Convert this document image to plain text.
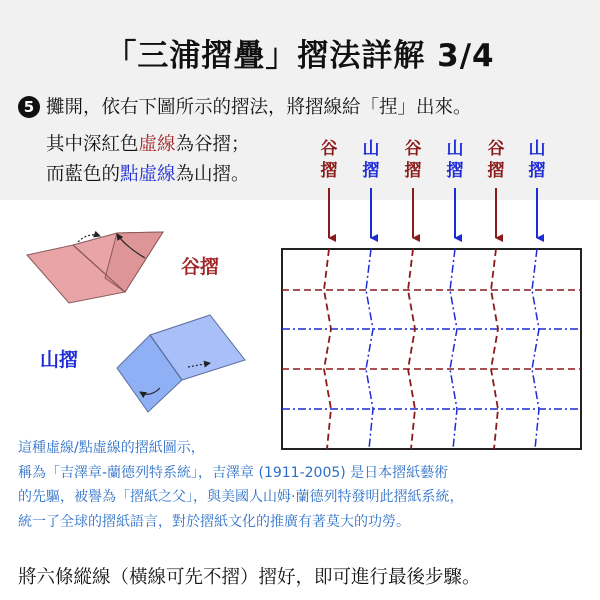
「三浦摺疊」摺法詳解 3/4
5 攤開，依右下圖所示的摺法，將摺線給「捏」出來。
其中深紅色虛線為谷摺；
而藍色的點虛線為山摺。
谷
摺
山
摺
谷
摺
山
摺
谷
摺
山
摺
谷摺
山摺
這種虛線/點虛線的摺紙圖示，
稱為「吉澤章-蘭德列特系統」，吉澤章 (1911-2005) 是日本摺紙藝術
的先驅，被譽為「摺紙之父」，與美國人山姆·蘭德列特發明此摺紙系統，
統一了全球的摺紙語言，對於摺紙文化的推廣有著莫大的功勞。
將六條縱線（橫線可先不摺）摺好，即可進行最後步驟。
